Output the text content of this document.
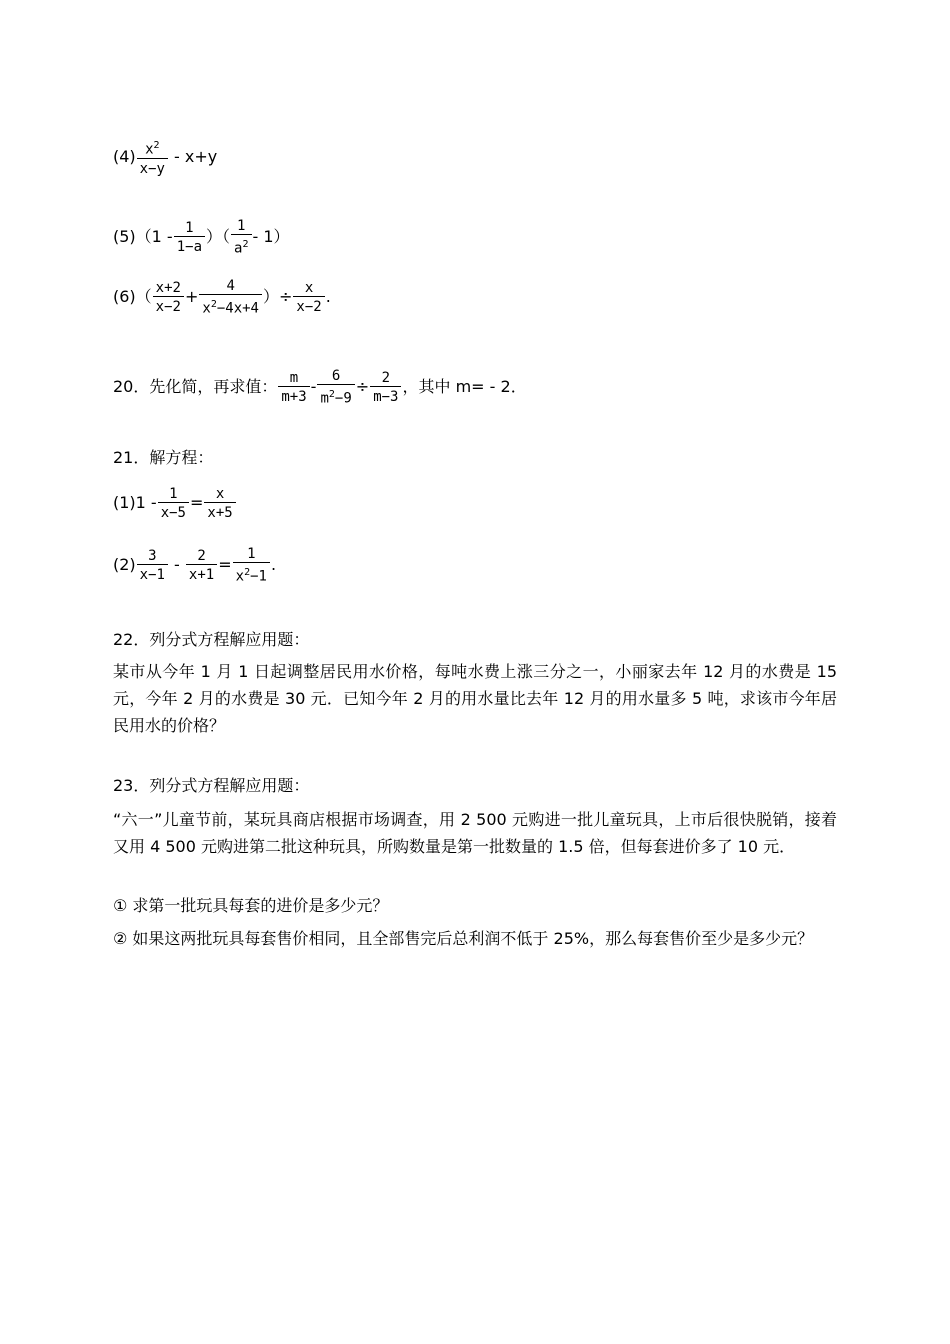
$(4) \frac{x^2}{x-y} - x+y$
$(5)(1 - \frac{1}{1-a}$ ）（ $\frac{1}{a^2} - 1$）
$(6)( \frac{x+2}{x-2} + \frac{4}{x^2-4x+4}$ ）÷ $\frac{x}{x-2}$ .
20．先化简，再求值： $\frac{m}{m+3} - \frac{6}{m^2-9} \div \frac{2}{m-3}$ ，其中 m= - 2．
21．解方程：
$(1)1 - \frac{1}{x-5} = \frac{x}{x+5}$
$(2) \frac{3}{x-1} - \frac{2}{x+1} = \frac{1}{x^2-1}$ .
22．列分式方程解应用题：
某市从今年 1 月 1 日起调整居民用水价格，每吨水费上涨三分之一，小丽家去年 12 月的水费是 15 元，今年 2 月的水费是 30 元．已知今年 2 月的用水量比去年 12 月的用水量多 5 吨，求该市今年居民用水的价格？
23．列分式方程解应用题：
“六一”儿童节前，某玩具商店根据市场调查，用 2 500 元购进一批儿童玩具，上市后很快脱销，接着又用 4 500 元购进第二批这种玩具，所购数量是第一批数量的 1.5 倍，但每套进价多了 10 元．
① 求第一批玩具每套的进价是多少元？
② 如果这两批玩具每套售价相同，且全部售完后总利润不低于 25%，那么每套售价至少是多少元？
